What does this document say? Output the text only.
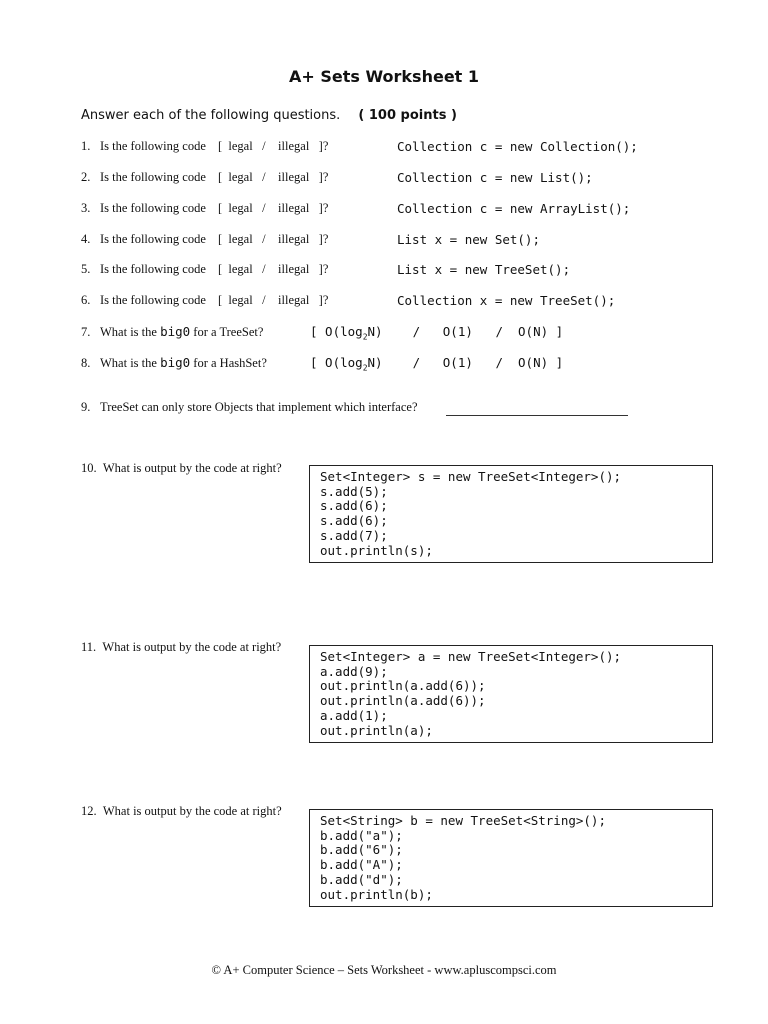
A+ Sets Worksheet 1
Answer each of the following questions. ( 100 points )
1. Is the following code [  legal   /    illegal   ]?	Collection c = new Collection();
2. Is the following code [  legal   /    illegal   ]?	Collection c = new List();
3. Is the following code [  legal   /    illegal   ]?	Collection c = new ArrayList();
4. Is the following code [  legal   /    illegal   ]?	List x = new Set();
5. Is the following code [  legal   /    illegal   ]?	List x = new TreeSet();
6. Is the following code [  legal   /    illegal   ]?	Collection x = new TreeSet();
7. What is the big0 for a TreeSet?	[ $O(\log_2N)$    /   O(1)   /  O(N) ]
8. What is the big0 for a HashSet?	[ $O(\log_2N)$    /   O(1)   /  O(N) ]
9. TreeSet can only store Objects that implement which interface?
10. What is output by the code at right?
Set<Integer> s = new TreeSet<Integer>();
s.add(5);
s.add(6);
s.add(6);
s.add(7);
out.println(s);
11. What is output by the code at right?
Set<Integer> a = new TreeSet<Integer>();
a.add(9);
out.println(a.add(6));
out.println(a.add(6));
a.add(1);
out.println(a);
12. What is output by the code at right?
Set<String> b = new TreeSet<String>();
b.add("a");
b.add("6");
b.add("A");
b.add("d");
out.println(b);
© A+ Computer Science – Sets Worksheet - www.apluscompsci.com
